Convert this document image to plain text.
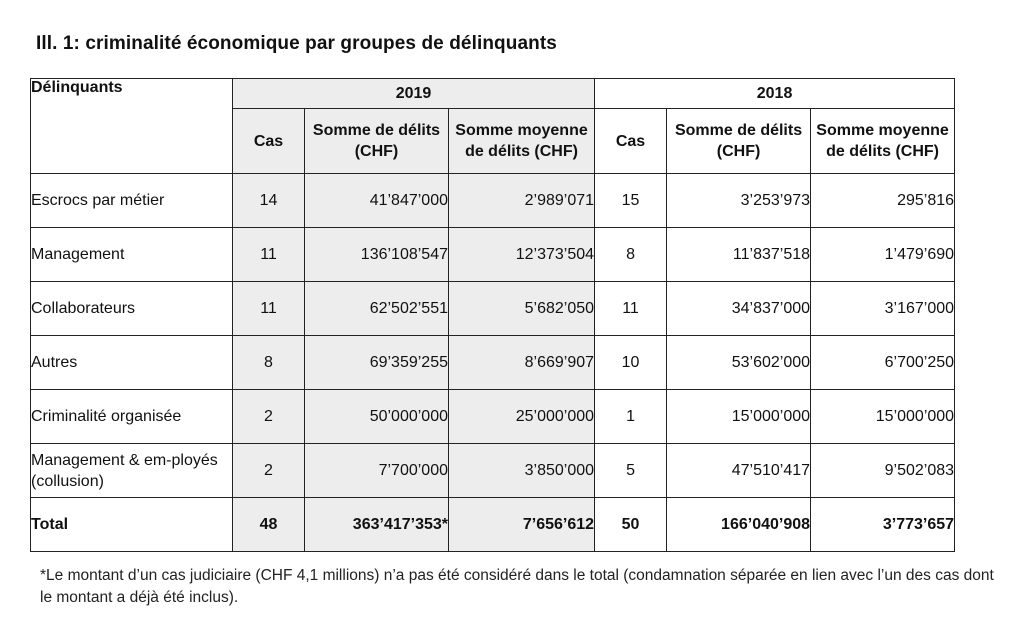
Ill. 1: criminalité économique par groupes de délinquants
Délinquants	2019			2018		
	Cas	Somme de délits (CHF)	Somme moyenne de délits (CHF)	Cas	Somme de délits (CHF)	Somme moyenne de délits (CHF)
Escrocs par métier	14	41’847’000	2’989’071	15	3’253’973	295’816
Management	11	136’108’547	12’373’504	8	11’837’518	1’479’690
Collaborateurs	11	62’502’551	5’682’050	11	34’837’000	3’167’000
Autres	8	69’359’255	8’669’907	10	53’602’000	6’700’250
Criminalité organisée	2	50’000’000	25’000’000	1	15’000’000	15’000’000
Management & em-ployés (collusion)	2	7’700’000	3’850’000	5	47’510’417	9’502’083
Total	48	363’417’353*	7’656’612	50	166’040’908	3’773’657

*Le montant d’un cas judiciaire (CHF 4,1 millions) n’a pas été considéré dans le total (condamnation séparée en lien avec l’un des cas dont le montant a déjà été inclus).
